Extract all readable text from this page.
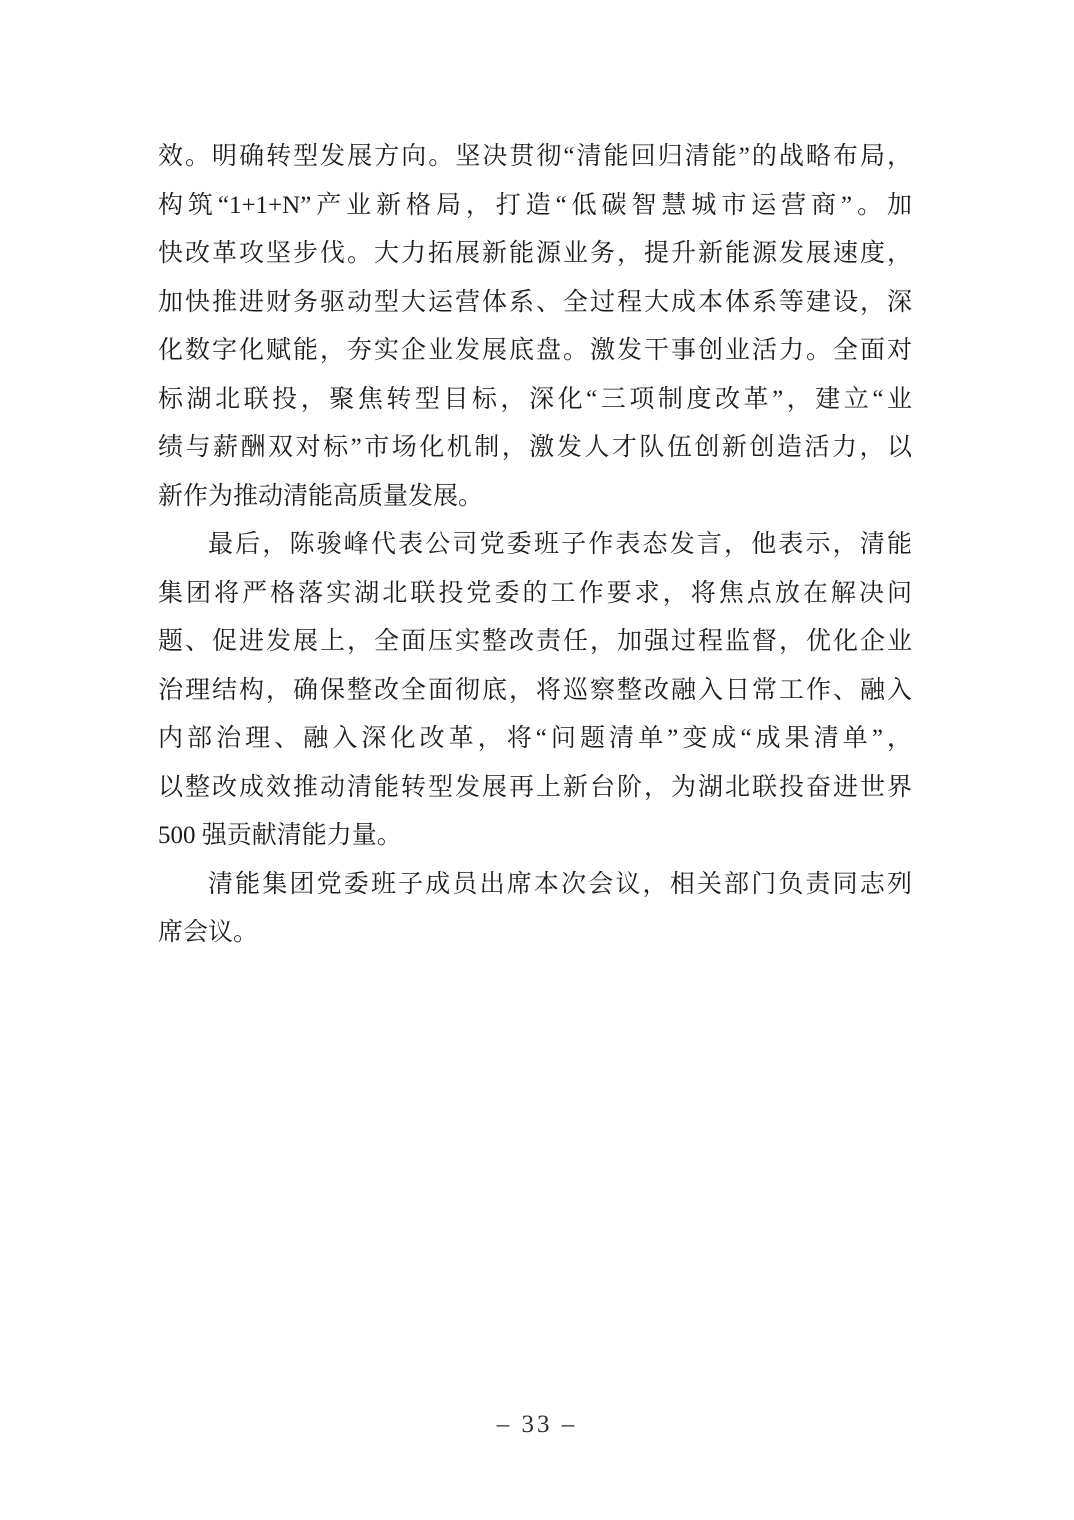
效。明确转型发展方向。坚决贯彻“清能回归清能”的战略布局，
构筑“1+1+N”产业新格局，打造“低碳智慧城市运营商”。加
快改革攻坚步伐。大力拓展新能源业务，提升新能源发展速度，
加快推进财务驱动型大运营体系、全过程大成本体系等建设，深
化数字化赋能，夯实企业发展底盘。激发干事创业活力。全面对
标湖北联投，聚焦转型目标，深化“三项制度改革”，建立“业
绩与薪酬双对标”市场化机制，激发人才队伍创新创造活力，以
新作为推动清能高质量发展。
最后，陈骏峰代表公司党委班子作表态发言，他表示，清能
集团将严格落实湖北联投党委的工作要求，将焦点放在解决问
题、促进发展上，全面压实整改责任，加强过程监督，优化企业
治理结构，确保整改全面彻底，将巡察整改融入日常工作、融入
内部治理、融入深化改革，将“问题清单”变成“成果清单”，
以整改成效推动清能转型发展再上新台阶，为湖北联投奋进世界
500 强贡献清能力量。
清能集团党委班子成员出席本次会议，相关部门负责同志列
席会议。
– 33 –
